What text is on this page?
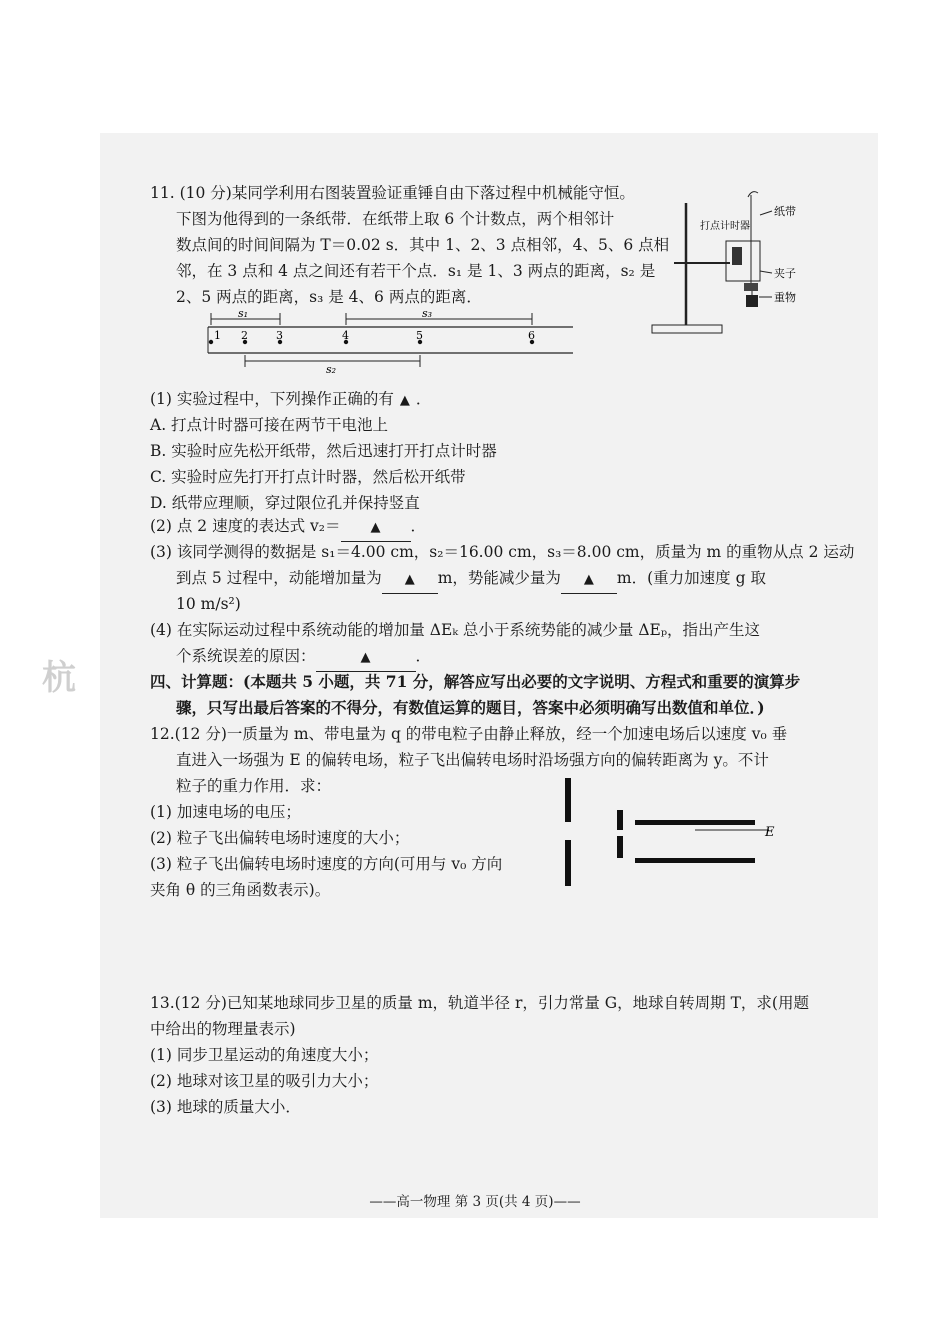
杭
11. (10 分)某同学利用右图装置验证重锤自由下落过程中机械能守恒。
下图为他得到的一条纸带．在纸带上取 6 个计数点，两个相邻计
数点间的时间间隔为 T＝0.02 s．其中 1、2、3 点相邻，4、5、6 点相
邻，在 3 点和 4 点之间还有若干个点．s₁ 是 1、3 两点的距离，s₂ 是
2、5 两点的距离，s₃ 是 4、6 两点的距离．
s₁	s₃
1 2	3	4	5	6
s₂
打点计时器
纸带
夹子
重物
(1) 实验过程中，下列操作正确的有 ▲ ．
A. 打点计时器可接在两节干电池上
B. 实验时应先松开纸带，然后迅速打开打点计时器
C. 实验时应先打开打点计时器，然后松开纸带
D. 纸带应理顺，穿过限位孔并保持竖直
(2) 点 2 速度的表达式 v₂＝ ▲ ．
(3) 该同学测得的数据是 s₁＝4.00 cm，s₂＝16.00 cm，s₃＝8.00 cm，质量为 m 的重物从点 2 运动
到点 5 过程中，动能增加量为 ▲ m，势能减少量为 ▲ m．(重力加速度 g 取
10 m/s²)
(4) 在实际运动过程中系统动能的增加量 ΔEₖ 总小于系统势能的减少量 ΔEₚ，指出产生这
个系统误差的原因：	▲	．
四、计算题：(本题共 5 小题，共 71 分，解答应写出必要的文字说明、方程式和重要的演算步
骤，只写出最后答案的不得分，有数值运算的题目，答案中必须明确写出数值和单位．)
12.(12 分)一质量为 m、带电量为 q 的带电粒子由静止释放，经一个加速电场后以速度 v₀ 垂
直进入一场强为 E 的偏转电场，粒子飞出偏转电场时沿场强方向的偏转距离为 y。不计
粒子的重力作用．求：
(1) 加速电场的电压；
(2) 粒子飞出偏转电场时速度的大小；
(3) 粒子飞出偏转电场时速度的方向(可用与 v₀ 方向
夹角 θ 的三角函数表示)。
E
13.(12 分)已知某地球同步卫星的质量 m，轨道半径 r，引力常量 G，地球自转周期 T，求(用题
中给出的物理量表示)
(1) 同步卫星运动的角速度大小；
(2) 地球对该卫星的吸引力大小；
(3) 地球的质量大小．
——高一物理 第 3 页(共 4 页)——
